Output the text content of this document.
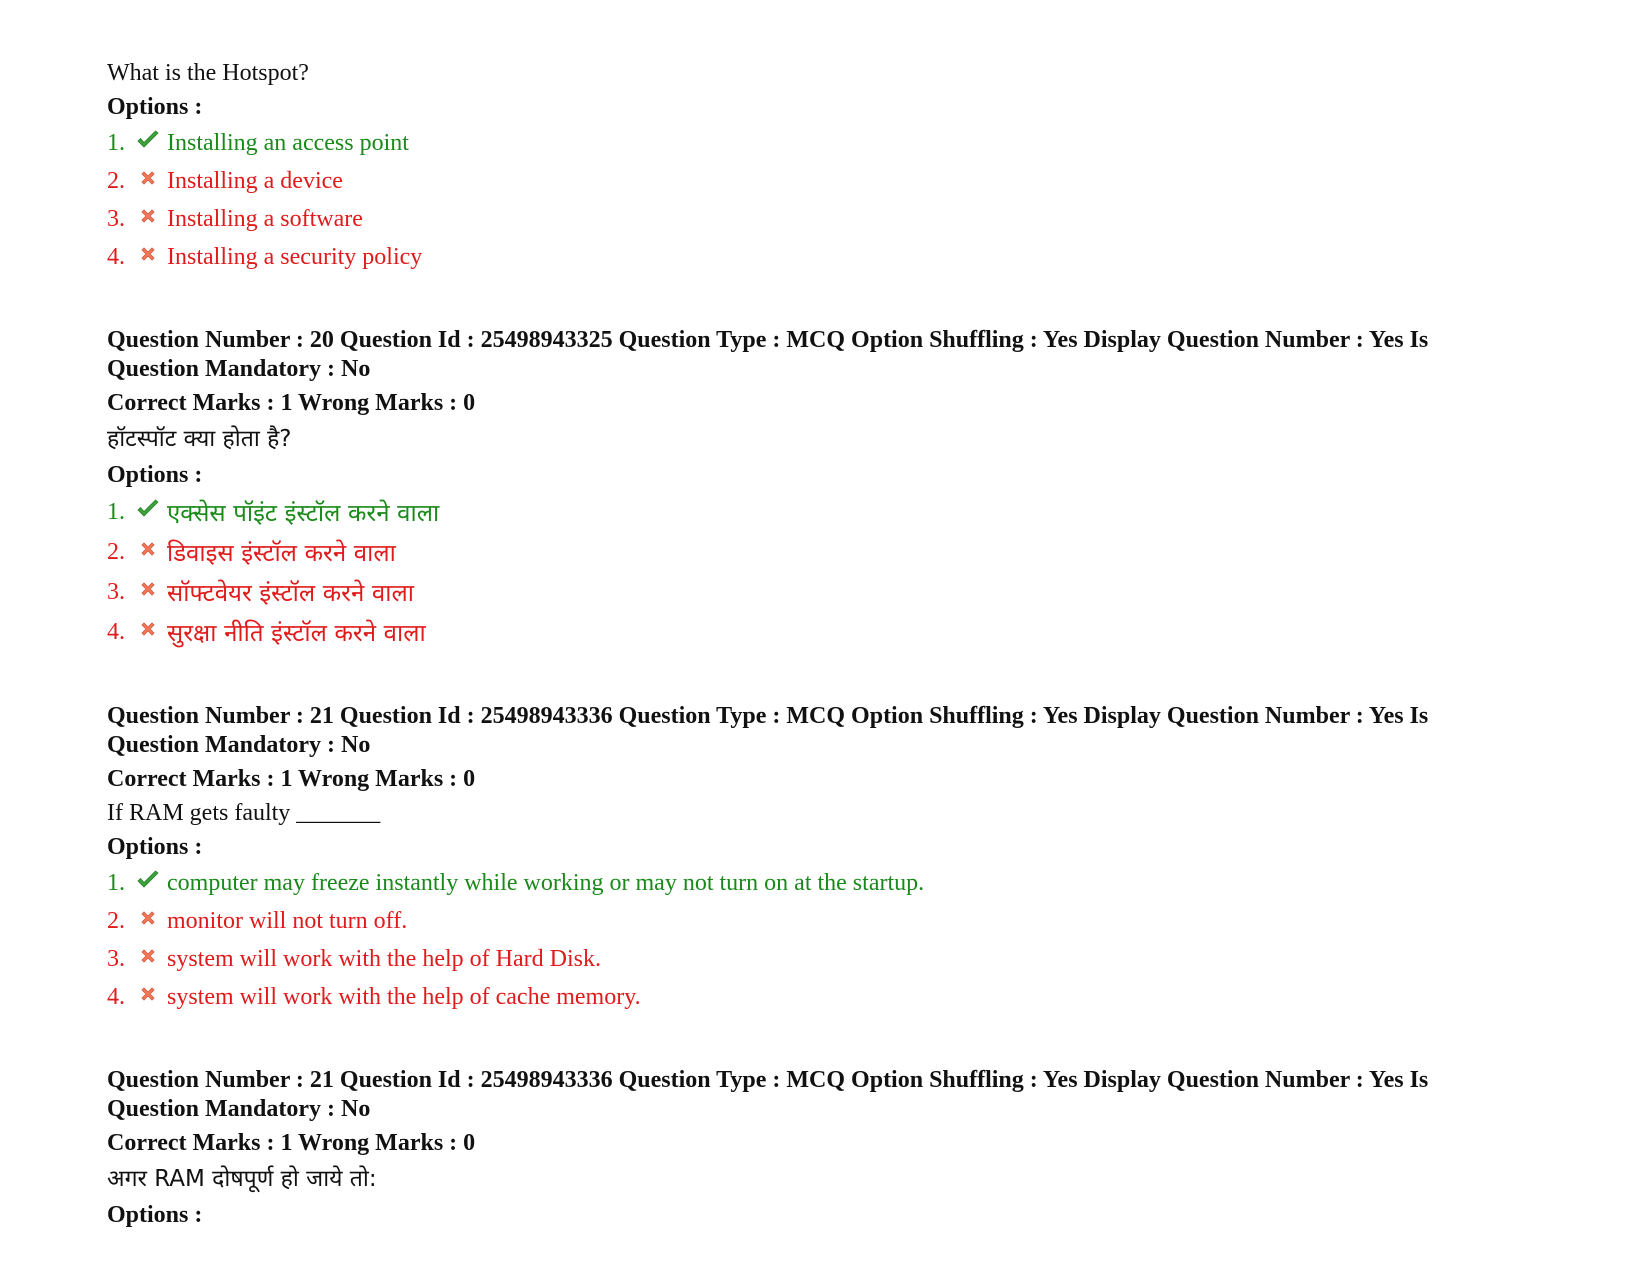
What is the Hotspot?

Options :

1.	Installing an access point
2.	Installing a device
3.	Installing a software
4.	Installing a security policy

Question Number : 20 Question Id : 25498943325 Question Type : MCQ Option Shuffling : Yes Display Question Number : Yes Is

Question Mandatory : No

Correct Marks : 1 Wrong Marks : 0

हॉटस्पॉट क्या होता है?

Options :

1.	एक्सेस पॉइंट इंस्टॉल करने वाला
2.	डिवाइस इंस्टॉल करने वाला
3.	सॉफ्टवेयर इंस्टॉल करने वाला
4.	सुरक्षा नीति इंस्टॉल करने वाला

Question Number : 21 Question Id : 25498943336 Question Type : MCQ Option Shuffling : Yes Display Question Number : Yes Is

Question Mandatory : No

Correct Marks : 1 Wrong Marks : 0

If RAM gets faulty _______

Options :

1.	computer may freeze instantly while working or may not turn on at the startup.
2.	monitor will not turn off.
3.	system will work with the help of Hard Disk.
4.	system will work with the help of cache memory.

Question Number : 21 Question Id : 25498943336 Question Type : MCQ Option Shuffling : Yes Display Question Number : Yes Is

Question Mandatory : No

Correct Marks : 1 Wrong Marks : 0

अगर RAM दोषपूर्ण हो जाये तो:

Options :
